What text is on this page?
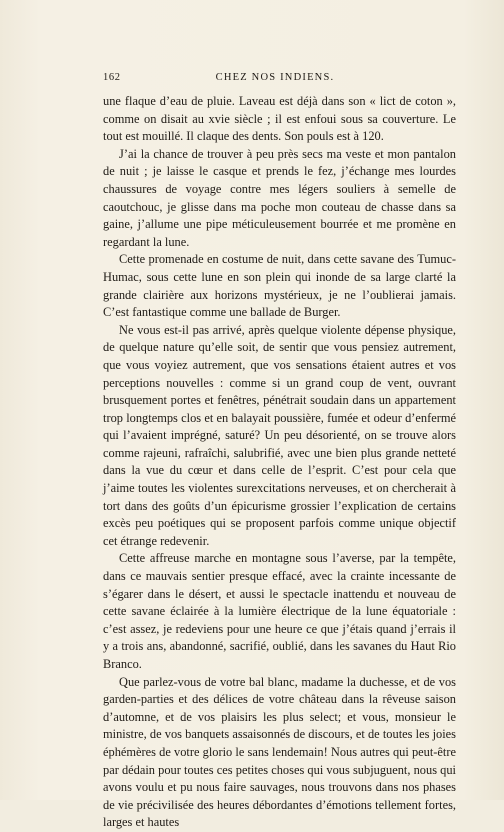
162	CHEZ NOS INDIENS.

une flaque d’eau de pluie. Laveau est déjà dans son « lict de coton », comme on disait au xvie siècle ; il est enfoui sous sa couverture. Le tout est mouillé. Il claque des dents. Son pouls est à 120.

J’ai la chance de trouver à peu près secs ma veste et mon pantalon de nuit ; je laisse le casque et prends le fez, j’échange mes lourdes chaussures de voyage contre mes légers souliers à semelle de caoutchouc, je glisse dans ma poche mon couteau de chasse dans sa gaine, j’allume une pipe méticuleusement bourrée et me promène en regardant la lune.

Cette promenade en costume de nuit, dans cette savane des Tumuc-Humac, sous cette lune en son plein qui inonde de sa large clarté la grande clairière aux horizons mystérieux, je ne l’oublierai jamais. C’est fantastique comme une ballade de Burger.

Ne vous est-il pas arrivé, après quelque violente dépense physique, de quelque nature qu’elle soit, de sentir que vous pensiez autrement, que vous voyiez autrement, que vos sensations étaient autres et vos perceptions nouvelles : comme si un grand coup de vent, ouvrant brusquement portes et fenêtres, pénétrait soudain dans un appartement trop longtemps clos et en balayait poussière, fumée et odeur d’enfermé qui l’avaient imprégné, saturé? Un peu désorienté, on se trouve alors comme rajeuni, rafraîchi, salubrifié, avec une bien plus grande netteté dans la vue du cœur et dans celle de l’esprit. C’est pour cela que j’aime toutes les violentes surexcitations nerveuses, et on chercherait à tort dans des goûts d’un épicurisme grossier l’explication de certains excès peu poétiques qui se proposent parfois comme unique objectif cet étrange redevenir.

Cette affreuse marche en montagne sous l’averse, par la tempête, dans ce mauvais sentier presque effacé, avec la crainte incessante de s’égarer dans le désert, et aussi le spectacle inattendu et nouveau de cette savane éclairée à la lumière électrique de la lune équatoriale : c’est assez, je redeviens pour une heure ce que j’étais quand j’errais il y a trois ans, abandonné, sacrifié, oublié, dans les savanes du Haut Rio Branco.

Que parlez-vous de votre bal blanc, madame la duchesse, et de vos garden-parties et des délices de votre château dans la rêveuse saison d’automne, et de vos plaisirs les plus select; et vous, monsieur le ministre, de vos banquets assaisonnés de discours, et de toutes les joies éphémères de votre glorio le sans lendemain! Nous autres qui peut-être par dédain pour toutes ces petites choses qui vous subjuguent, nous qui avons voulu et pu nous faire sauvages, nous trouvons dans nos phases de vie précivilisée des heures débordantes d’émotions tellement fortes, larges et hautes
